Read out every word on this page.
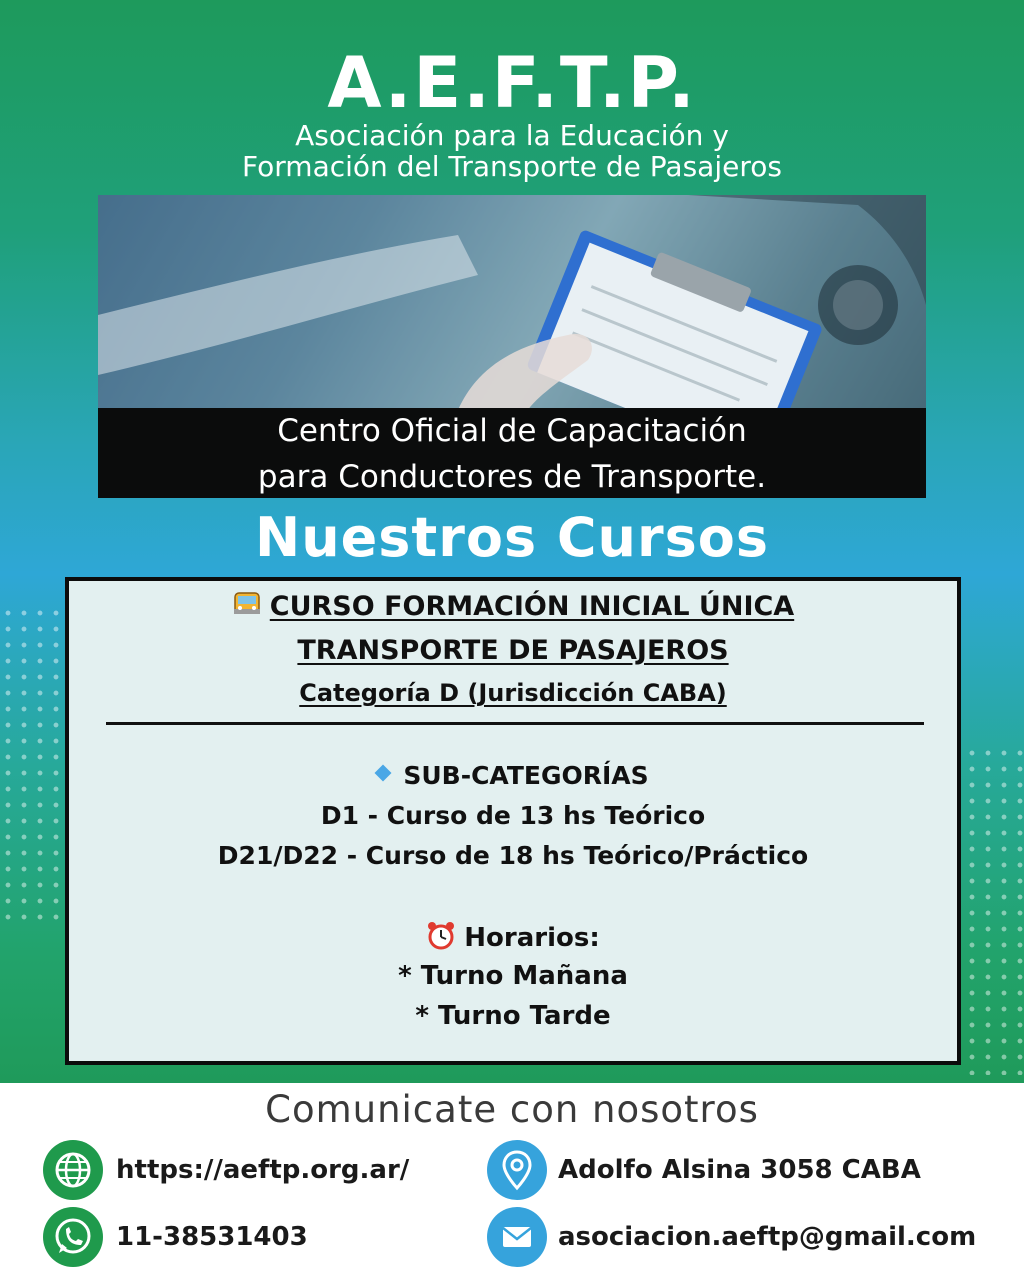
A.E.F.T.P.
Asociación para la Educación y
Formación del Transporte de Pasajeros
Centro Oficial de Capacitación
para Conductores de Transporte.
Nuestros Cursos
CURSO FORMACIÓN INICIAL ÚNICA
TRANSPORTE DE PASAJEROS
Categoría D (Jurisdicción CABA)
SUB-CATEGORÍAS
D1 - Curso de 13 hs Teórico
D21/D22 - Curso de 18 hs Teórico/Práctico
Horarios:
* Turno Mañana
* Turno Tarde
Comunicate con nosotros
https://aeftp.org.ar/
11-38531403
Adolfo Alsina 3058 CABA
asociacion.aeftp@gmail.com
